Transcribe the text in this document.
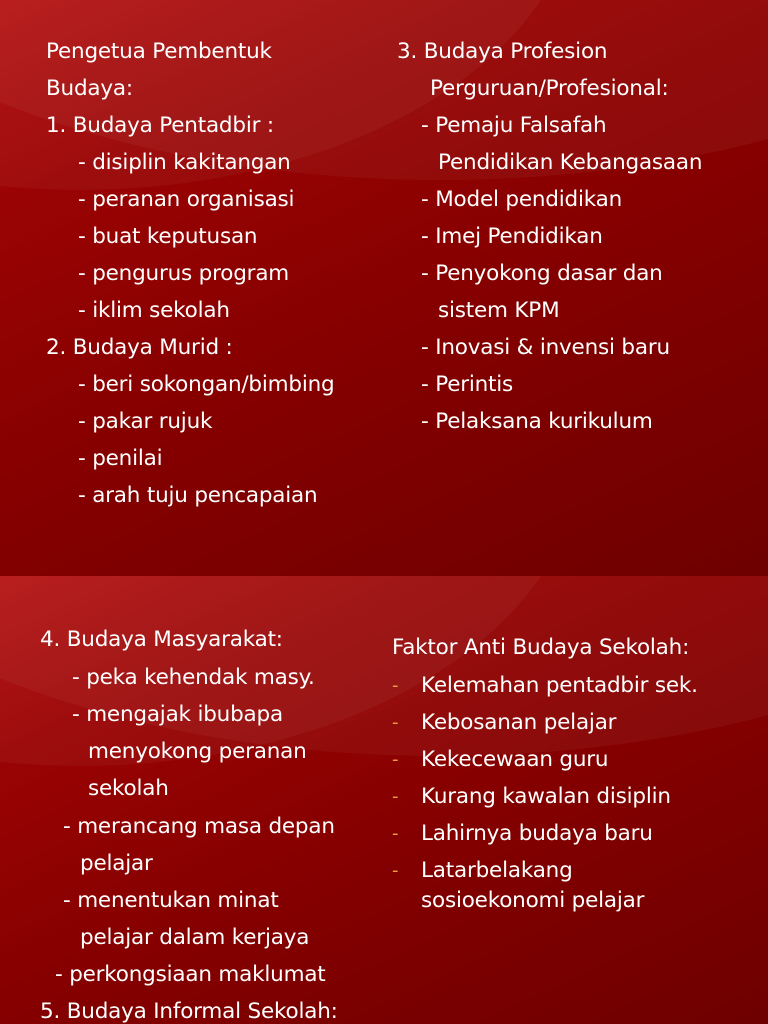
Pengetua Pembentuk
Budaya:
1. Budaya Pentadbir :
- disiplin kakitangan
- peranan organisasi
- buat keputusan
- pengurus program
- iklim sekolah
2. Budaya Murid :
- beri sokongan/bimbing
- pakar rujuk
- penilai
- arah tuju pencapaian
3. Budaya Profesion
Perguruan/Profesional:
- Pemaju Falsafah
Pendidikan Kebangasaan
- Model pendidikan
- Imej Pendidikan
- Penyokong dasar dan
sistem KPM
- Inovasi & invensi baru
- Perintis
- Pelaksana kurikulum
4. Budaya Masyarakat:
- peka kehendak masy.
- mengajak ibubapa
menyokong peranan
sekolah
- merancang masa depan
pelajar
- menentukan minat
pelajar dalam kerjaya
- perkongsiaan maklumat
5. Budaya Informal Sekolah:
Faktor Anti Budaya Sekolah:
- Kelemahan pentadbir sek.
- Kebosanan pelajar
- Kekecewaan guru
- Kurang kawalan disiplin
- Lahirnya budaya baru
- Latarbelakang
sosioekonomi pelajar
